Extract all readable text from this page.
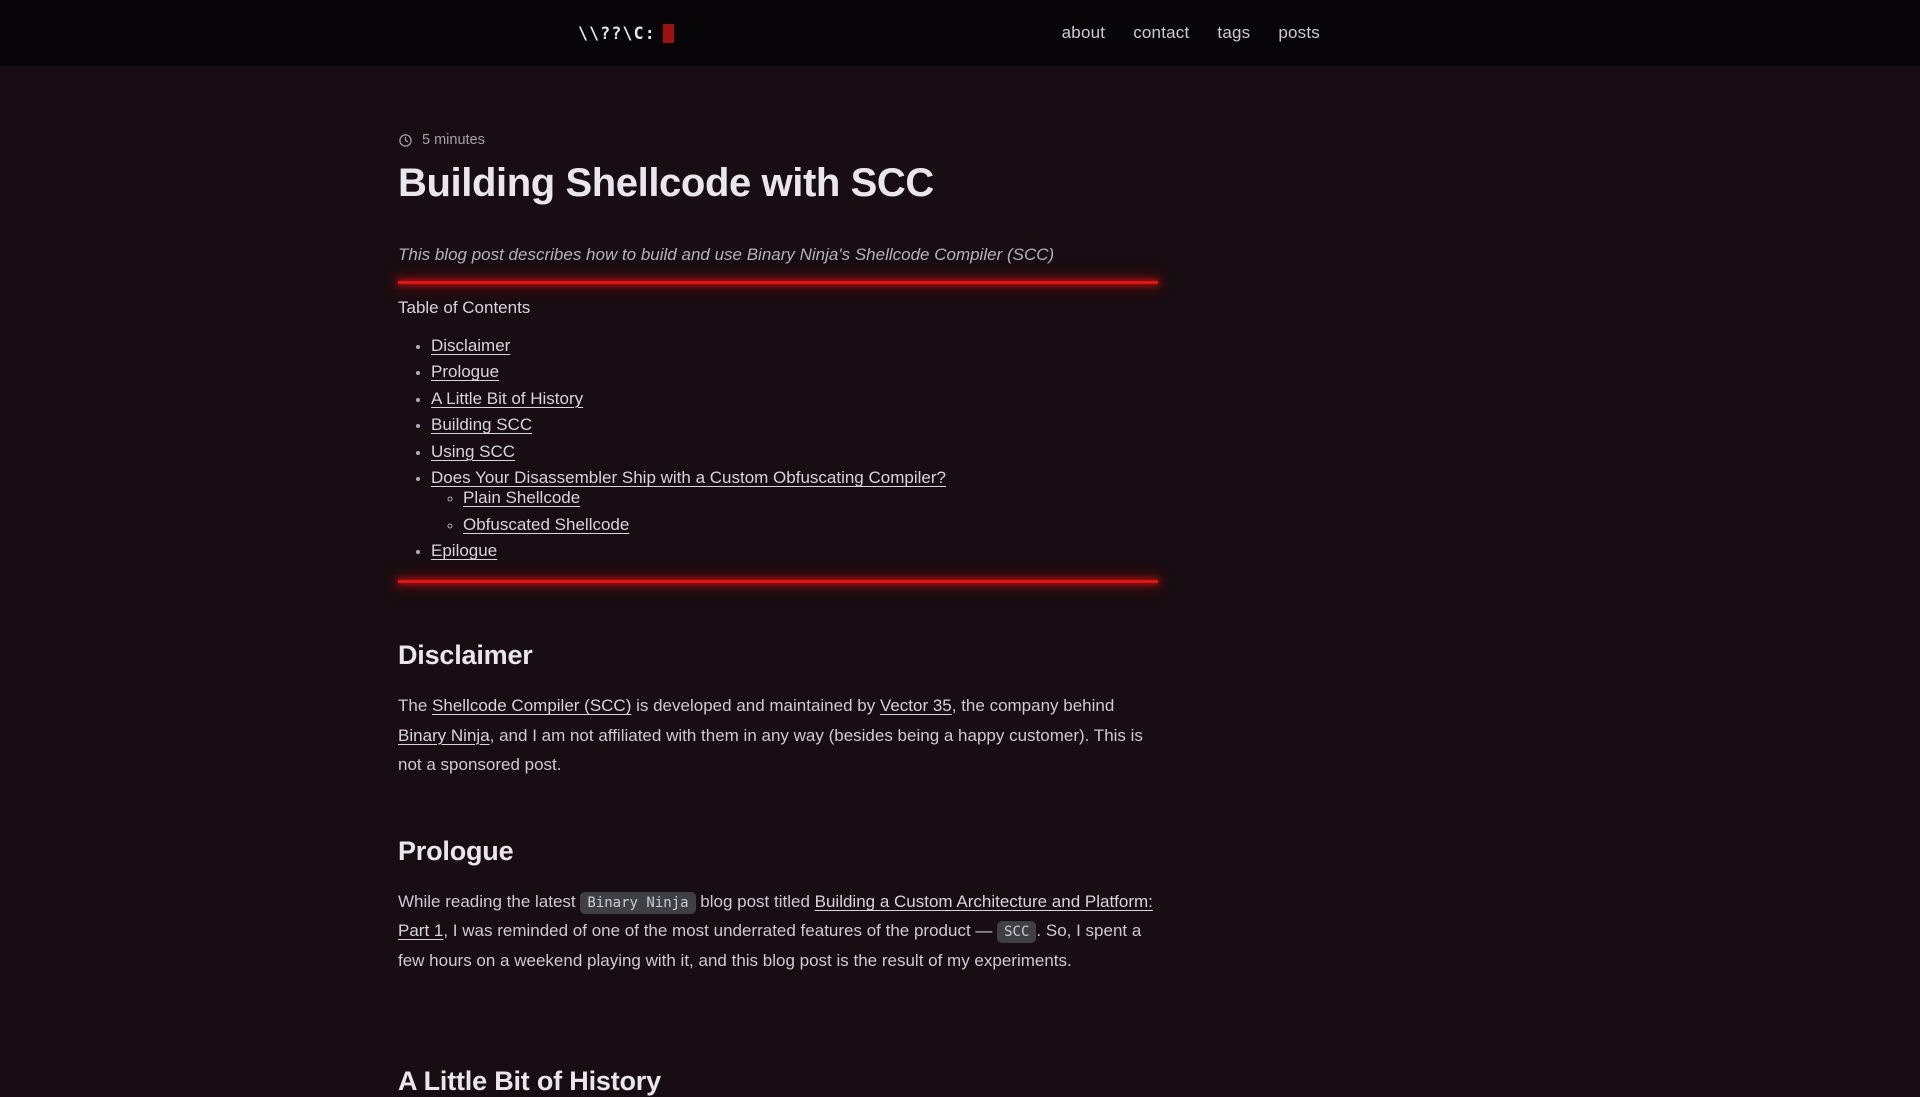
\\??\C:	about contact tags posts
5 minutes
Building Shellcode with SCC

This blog post describes how to build and use Binary Ninja's Shellcode Compiler (SCC)

Table of Contents
• Disclaimer
• Prologue
• A Little Bit of History
• Building SCC
• Using SCC
• Does Your Disassembler Ship with a Custom Obfuscating Compiler?
◦ Plain Shellcode
◦ Obfuscated Shellcode
• Epilogue
Disclaimer

The Shellcode Compiler (SCC) is developed and maintained by Vector 35, the company behind Binary Ninja, and I am not affiliated with them in any way (besides being a happy customer). This is not a sponsored post.

Prologue

While reading the latest Binary Ninja blog post titled Building a Custom Architecture and Platform: Part 1, I was reminded of one of the most underrated features of the product — SCC . So, I spent a few hours on a weekend playing with it, and this blog post is the result of my experiments.

A Little Bit of History
